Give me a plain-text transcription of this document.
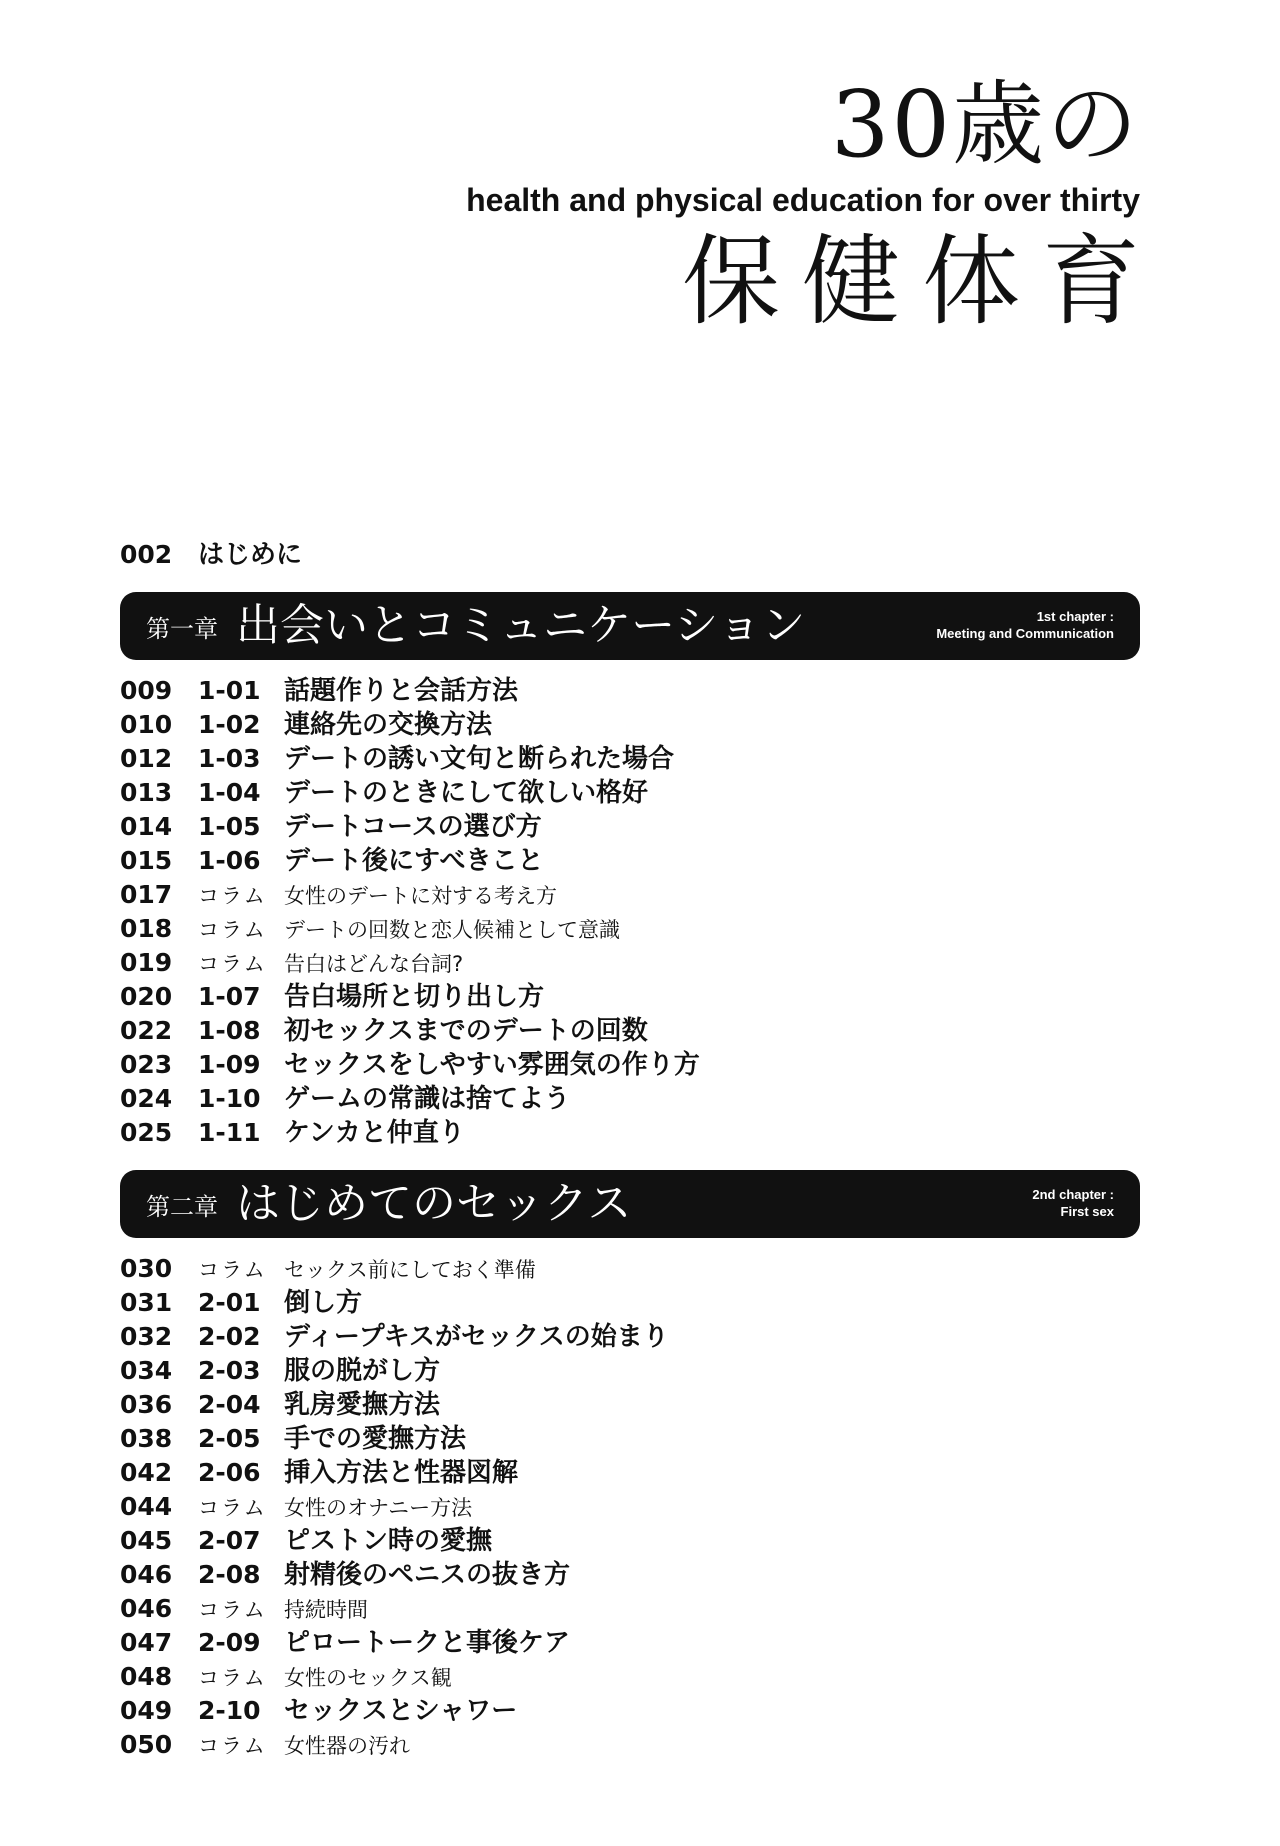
30歳の
health and physical education for over thirty
保健体育
002 はじめに
第一章 出会いとコミュニケーション	1st chapter :
Meeting and Communication
009	1-01 話題作りと会話方法
010	1-02 連絡先の交換方法
012	1-03 デートの誘い文句と断られた場合
013	1-04 デートのときにして欲しい格好
014	1-05 デートコースの選び方
015	1-06 デート後にすべきこと
017	コラム 女性のデートに対する考え方
018	コラム デートの回数と恋人候補として意識
019	コラム 告白はどんな台詞?
020	1-07 告白場所と切り出し方
022	1-08 初セックスまでのデートの回数
023	1-09 セックスをしやすい雰囲気の作り方
024	1-10 ゲームの常識は捨てよう
025	1-11 ケンカと仲直り
第二章 はじめてのセックス	2nd chapter :
First sex
030	コラム セックス前にしておく準備
031	2-01 倒し方
032	2-02 ディープキスがセックスの始まり
034	2-03 服の脱がし方
036	2-04 乳房愛撫方法
038	2-05 手での愛撫方法
042	2-06 挿入方法と性器図解
044	コラム 女性のオナニー方法
045	2-07 ピストン時の愛撫
046	2-08 射精後のペニスの抜き方
046	コラム 持続時間
047	2-09 ピロートークと事後ケア
048	コラム 女性のセックス観
049	2-10 セックスとシャワー
050	コラム 女性器の汚れ
